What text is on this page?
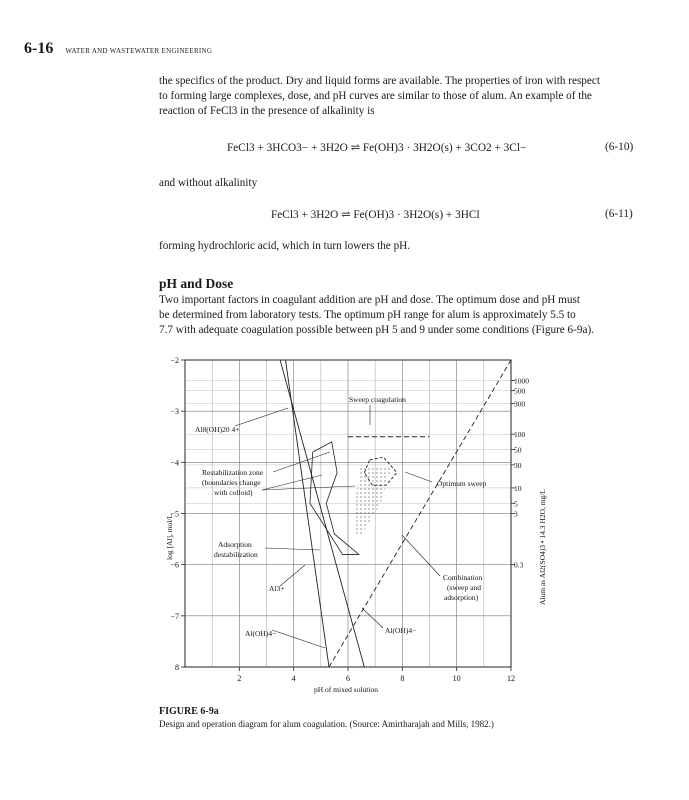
6-16 WATER AND WASTEWATER ENGINEERING

the specifics of the product. Dry and liquid forms are available. The properties of iron with respect
to forming large complexes, dose, and pH curves are similar to those of alum. An example of the
reaction of FeCl3 in the presence of alkalinity is

FeCl3 + 3HCO3− + 3H2O ⇌ Fe(OH)3 · 3H2O(s) + 3CO2 + 3Cl−	(6-10)

and without alkalinity

FeCl3 + 3H2O ⇌ Fe(OH)3 · 3H2O(s) + 3HCl	(6-11)

forming hydrochloric acid, which in turn lowers the pH.

pH and Dose

Two important factors in coagulant addition are pH and dose. The optimum dose and pH must
be determined from laboratory tests. The optimum pH range for alum is approximately 5.5 to
7.7 with adequate coagulation possible between pH 5 and 9 under some conditions (Figure 6-9a).

2	4	6	8	10	12
−2
−3
−4
−5
−6
−7
8
1000
500
300
100
50
30
10
5
3
0.3
Sweep coagulation
Al8(OH)20 4+
Restabilization zone
(boundaries change
with colloid)
Optimum sweep
Adsorption
destabilization
Combination
(sweep and
adsorption)
Al3+
Al(OH)4−	Al(OH)4−
pH of mixed solution
log [Al], mol/L	Alum as Al2(SO4)3 • 14.3 H2O, mg/L
FIGURE 6-9a
Design and operation diagram for alum coagulation. (Source: Amirtharajah and Mills, 1982.)
